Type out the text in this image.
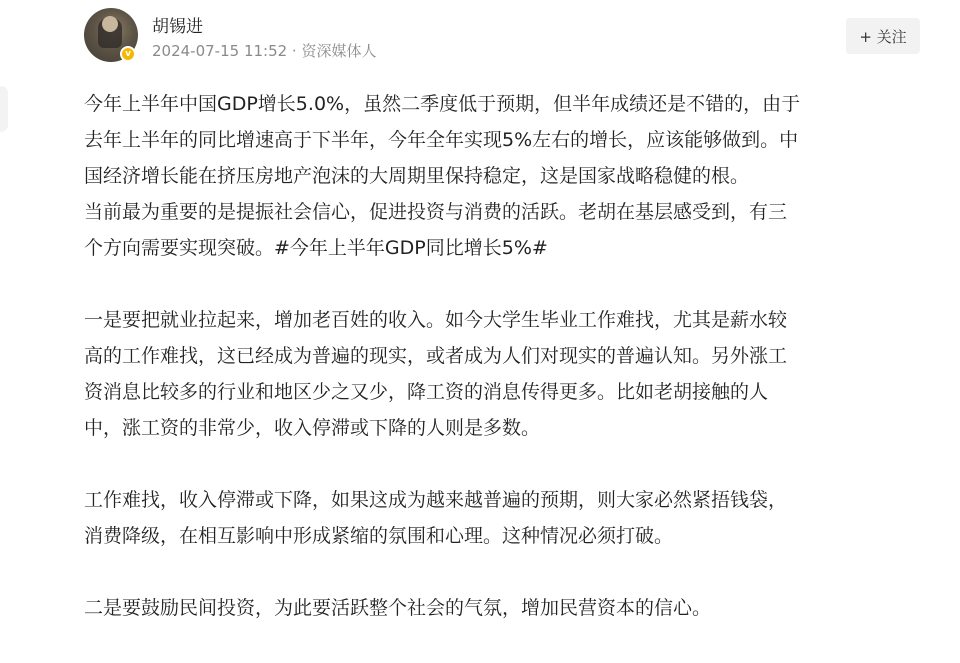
v
胡锡进
2024-07-15 11:52 · 资深媒体人
+ 关注

今年上半年中国GDP增长5.0%，虽然二季度低于预期，但半年成绩还是不错的，由于
去年上半年的同比增速高于下半年，今年全年实现5%左右的增长，应该能够做到。中
国经济增长能在挤压房地产泡沫的大周期里保持稳定，这是国家战略稳健的根。
当前最为重要的是提振社会信心，促进投资与消费的活跃。老胡在基层感受到，有三
个方向需要实现突破。#今年上半年GDP同比增长5%#

一是要把就业拉起来，增加老百姓的收入。如今大学生毕业工作难找，尤其是薪水较
高的工作难找，这已经成为普遍的现实，或者成为人们对现实的普遍认知。另外涨工
资消息比较多的行业和地区少之又少，降工资的消息传得更多。比如老胡接触的人
中，涨工资的非常少，收入停滞或下降的人则是多数。

工作难找，收入停滞或下降，如果这成为越来越普遍的预期，则大家必然紧捂钱袋，
消费降级，在相互影响中形成紧缩的氛围和心理。这种情况必须打破。

二是要鼓励民间投资，为此要活跃整个社会的气氛，增加民营资本的信心。
